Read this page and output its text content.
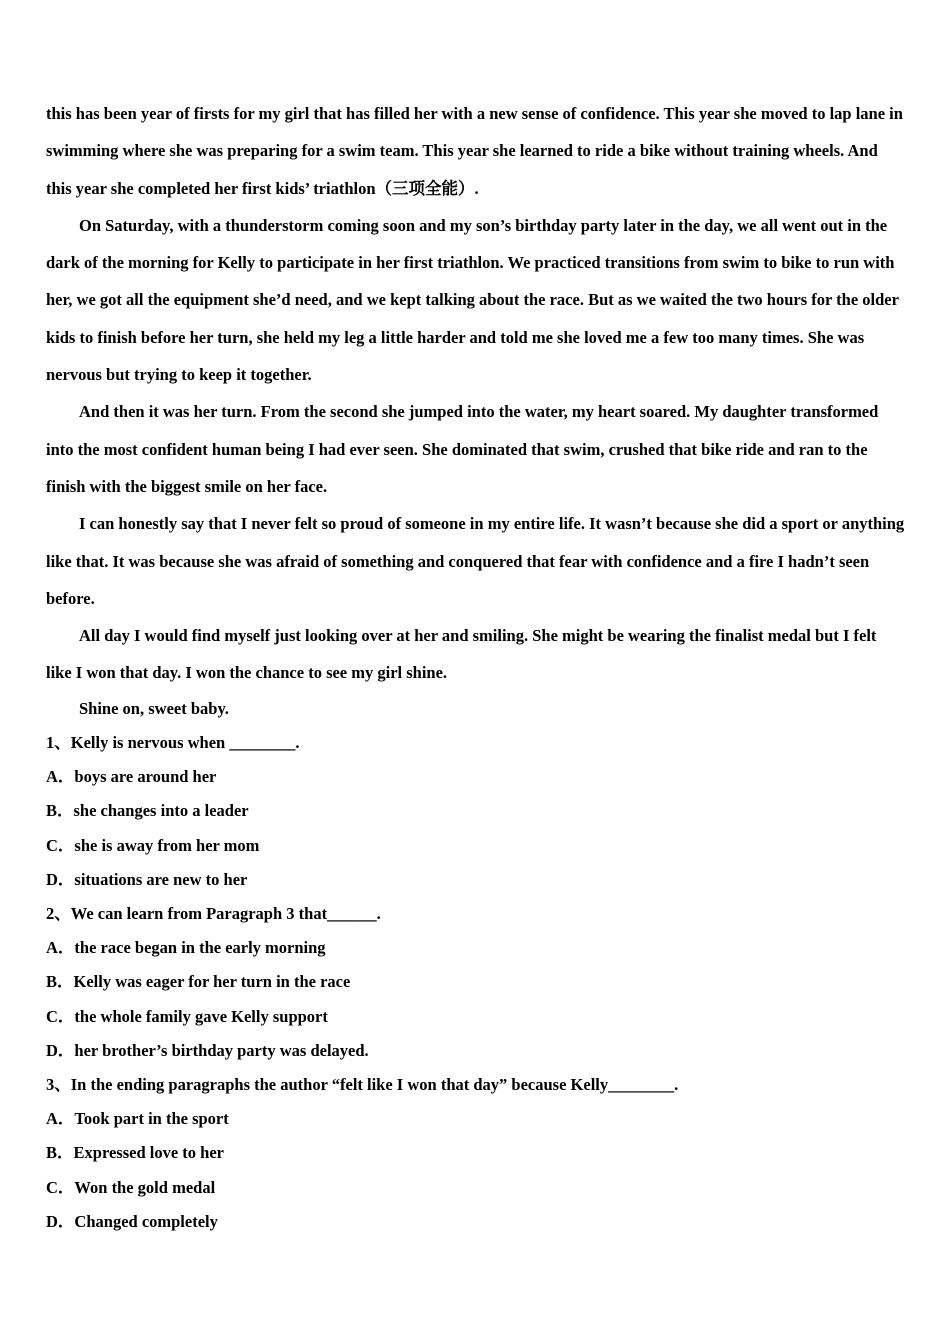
this has been year of firsts for my girl that has filled her with a new sense of confidence. This year she moved to lap lane in swimming where she was preparing for a swim team. This year she learned to ride a bike without training wheels. And this year she completed her first kids’ triathlon（三项全能）.

On Saturday, with a thunderstorm coming soon and my son’s birthday party later in the day, we all went out in the dark of the morning for Kelly to participate in her first triathlon. We practiced transitions from swim to bike to run with her, we got all the equipment she’d need, and we kept talking about the race. But as we waited the two hours for the older kids to finish before her turn, she held my leg a little harder and told me she loved me a few too many times. She was nervous but trying to keep it together.

And then it was her turn. From the second she jumped into the water, my heart soared. My daughter transformed into the most confident human being I had ever seen. She dominated that swim, crushed that bike ride and ran to the finish with the biggest smile on her face.

I can honestly say that I never felt so proud of someone in my entire life. It wasn’t because she did a sport or anything like that. It was because she was afraid of something and conquered that fear with confidence and a fire I hadn’t seen before.

All day I would find myself just looking over at her and smiling. She might be wearing the finalist medal but I felt like I won that day. I won the chance to see my girl shine.

Shine on, sweet baby.

1、Kelly is nervous when ________.

A．boys are around her

B．she changes into a leader

C．she is away from her mom

D．situations are new to her

2、We can learn from Paragraph 3 that______.

A．the race began in the early morning

B．Kelly was eager for her turn in the race

C．the whole family gave Kelly support

D．her brother’s birthday party was delayed.

3、In the ending paragraphs the author “felt like I won that day” because Kelly________.

A．Took part in the sport

B．Expressed love to her

C．Won the gold medal

D．Changed completely
